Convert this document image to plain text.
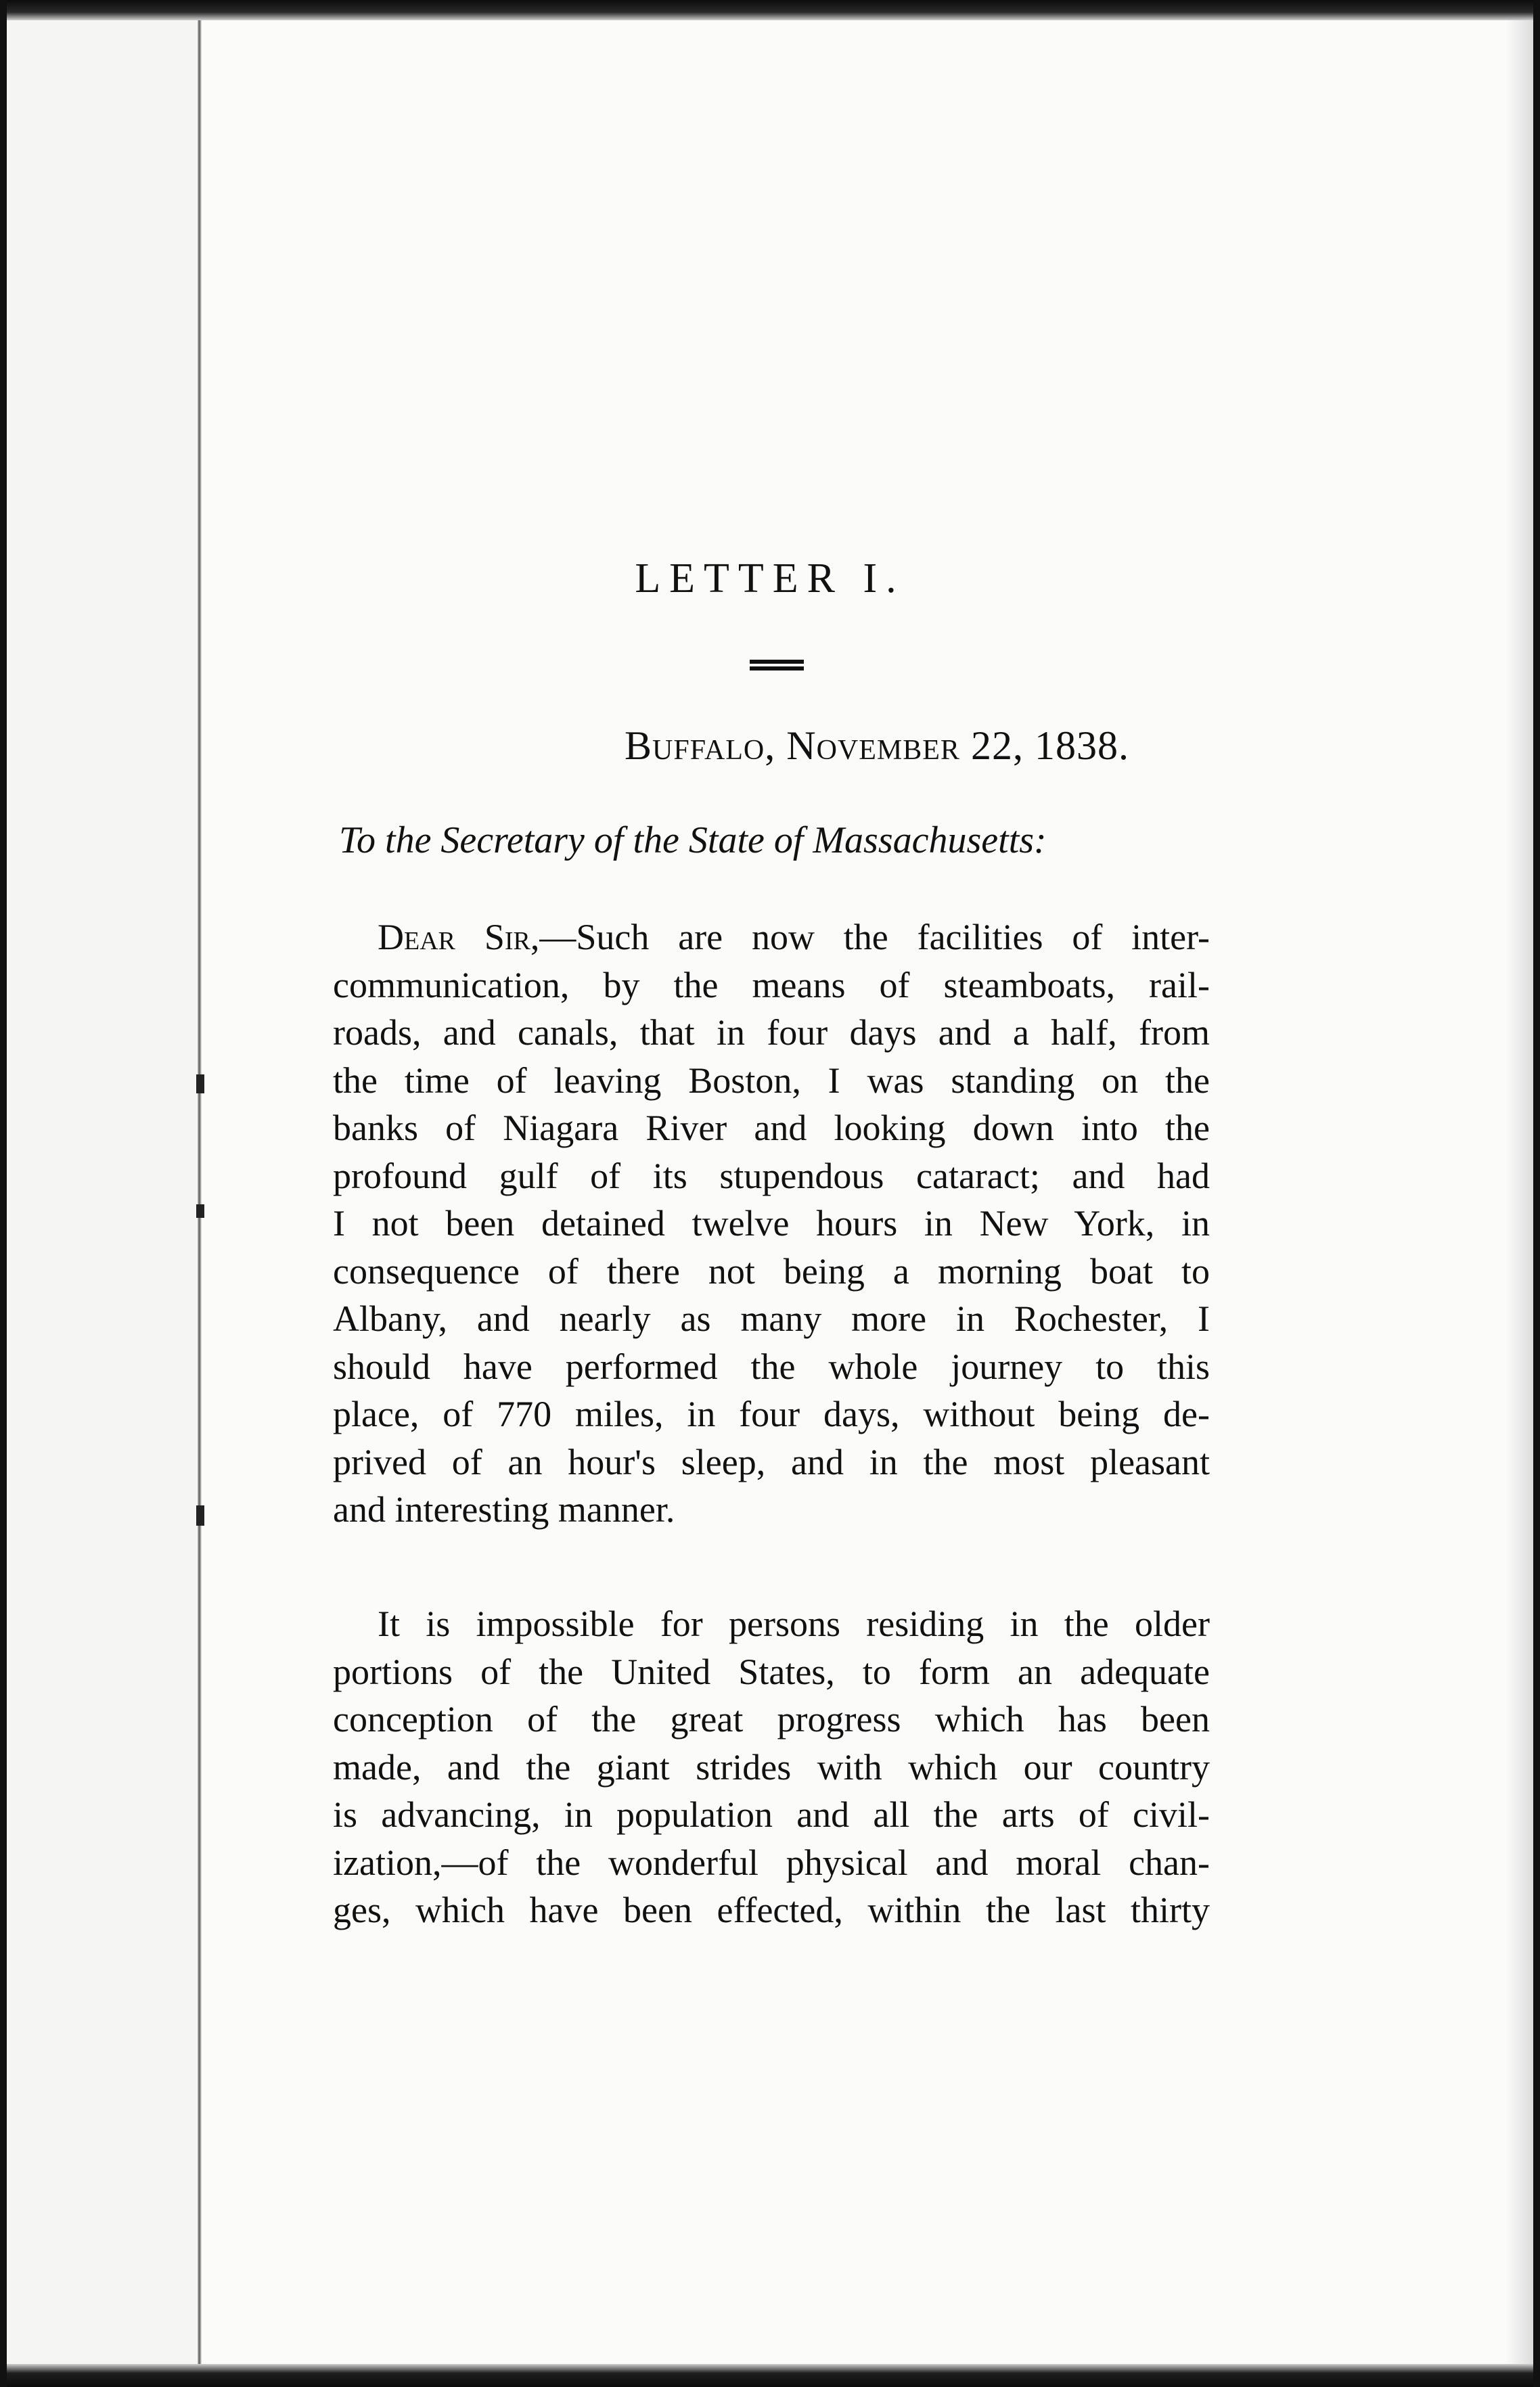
LETTER I.
Buffalo, November 22, 1838.
To the Secretary of the State of Massachusetts:
Dear Sir,—Such are now the facilities of inter-
communication, by the means of steamboats, rail-
roads, and canals, that in four days and a half, from
the time of leaving Boston, I was standing on the
banks of Niagara River and looking down into the
profound gulf of its stupendous cataract; and had
I not been detained twelve hours in New York, in
consequence of there not being a morning boat to
Albany, and nearly as many more in Rochester, I
should have performed the whole journey to this
place, of 770 miles, in four days, without being de-
prived of an hour's sleep, and in the most pleasant
and interesting manner.
It is impossible for persons residing in the older
portions of the United States, to form an adequate
conception of the great progress which has been
made, and the giant strides with which our country
is advancing, in population and all the arts of civil-
ization,—of the wonderful physical and moral chan-
ges, which have been effected, within the last thirty
